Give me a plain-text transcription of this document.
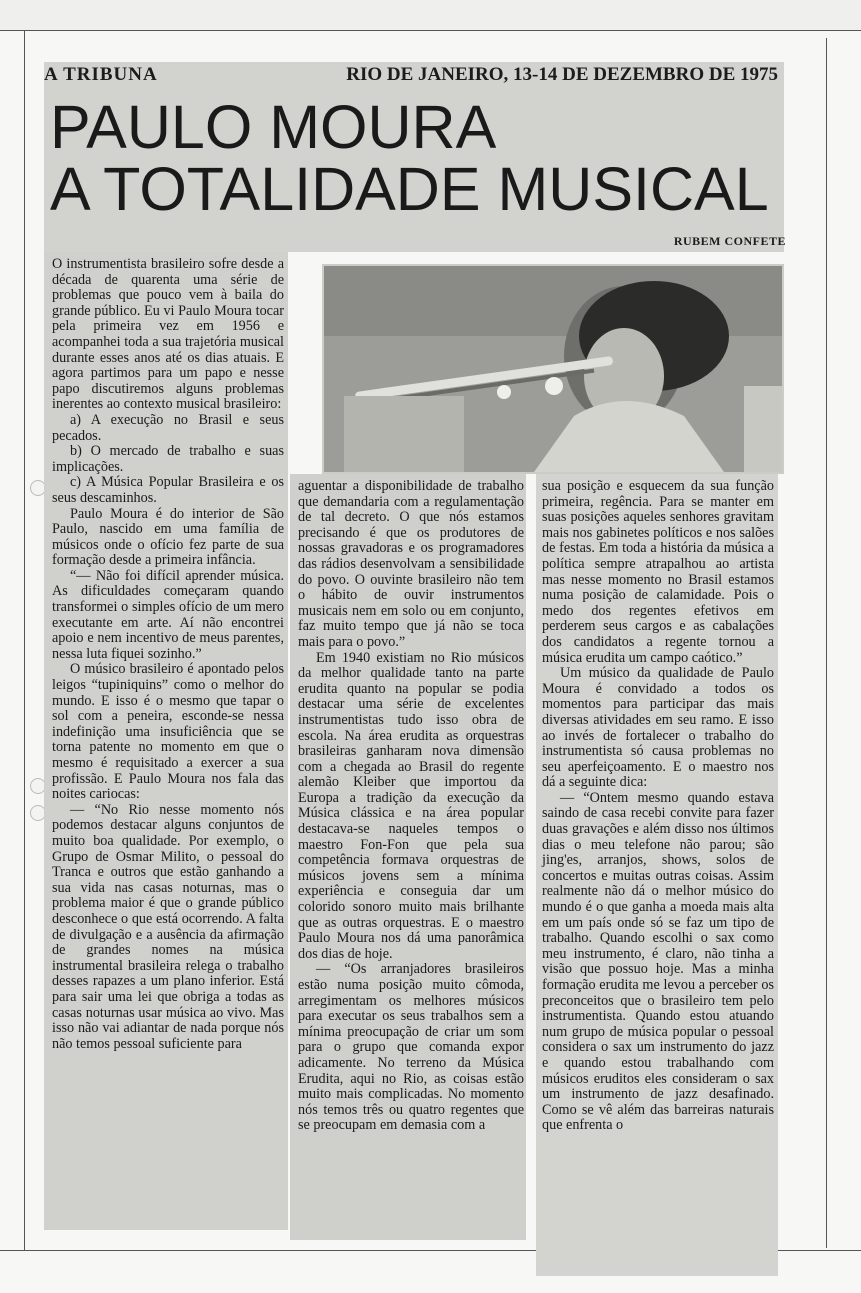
A TRIBUNA	RIO DE JANEIRO, 13-14 DE DEZEMBRO DE 1975
PAULO MOURA
A TOTALIDADE MUSICAL
RUBEM CONFETE

O instrumentista brasileiro sofre desde a década de quarenta uma série de problemas que pouco vem à baila do grande público. Eu vi Paulo Moura tocar pela primeira vez em 1956 e acompanhei toda a sua trajetória musical durante esses anos até os dias atuais. E agora partimos para um papo e nesse papo discutiremos alguns problemas inerentes ao contexto musical brasileiro:

a) A execução no Brasil e seus pecados.

b) O mercado de trabalho e suas implicações.

c) A Música Popular Brasileira e os seus descaminhos.

Paulo Moura é do interior de São Paulo, nascido em uma família de músicos onde o ofício fez parte de sua formação desde a primeira infância.

“— Não foi difícil aprender música. As dificuldades começaram quando transformei o simples ofício de um mero executante em arte. Aí não encontrei apoio e nem incentivo de meus parentes, nessa luta fiquei sozinho.”

O músico brasileiro é apontado pelos leigos “tupiniquins” como o melhor do mundo. E isso é o mesmo que tapar o sol com a peneira, esconde-se nessa indefinição uma insuficiência que se torna patente no momento em que o mesmo é requisitado a exercer a sua profissão. E Paulo Moura nos fala das noites cariocas:

— “No Rio nesse momento nós podemos destacar alguns conjuntos de muito boa qualidade. Por exemplo, o Grupo de Osmar Milito, o pessoal do Tranca e outros que estão ganhando a sua vida nas casas noturnas, mas o problema maior é que o grande público desconhece o que está ocorrendo. A falta de divulgação e a ausência da afirmação de grandes nomes na música instrumental brasileira relega o trabalho desses rapazes a um plano inferior. Está para sair uma lei que obriga a todas as casas noturnas usar música ao vivo. Mas isso não vai adiantar de nada porque nós não temos pessoal suficiente para

aguentar a disponibilidade de trabalho que demandaria com a regulamentação de tal decreto. O que nós estamos precisando é que os produtores de nossas gravadoras e os programadores das rádios desenvolvam a sensibilidade do povo. O ouvinte brasileiro não tem o hábito de ouvir instrumentos musicais nem em solo ou em conjunto, faz muito tempo que já não se toca mais para o povo.”

Em 1940 existiam no Rio músicos da melhor qualidade tanto na parte erudita quanto na popular se podia destacar uma série de excelentes instrumentistas tudo isso obra de escola. Na área erudita as orquestras brasileiras ganharam nova dimensão com a chegada ao Brasil do regente alemão Kleiber que importou da Europa a tradição da execução da Música clássica e na área popular destacava-se naqueles tempos o maestro Fon-Fon que pela sua competência formava orquestras de músicos jovens sem a mínima experiência e conseguia dar um colorido sonoro muito mais brilhante que as outras orquestras. E o maestro Paulo Moura nos dá uma panorâmica dos dias de hoje.

— “Os arranjadores brasileiros estão numa posição muito cômoda, arregimentam os melhores músicos para executar os seus trabalhos sem a mínima preocupação de criar um som para o grupo que comanda expor adicamente. No terreno da Música Erudita, aqui no Rio, as coisas estão muito mais complicadas. No momento nós temos três ou quatro regentes que se preocupam em demasia com a

sua posição e esquecem da sua função primeira, regência. Para se manter em suas posições aqueles senhores gravitam mais nos gabinetes políticos e nos salões de festas. Em toda a história da música a política sempre atrapalhou ao artista mas nesse momento no Brasil estamos numa posição de calamidade. Pois o medo dos regentes efetivos em perderem seus cargos e as cabalações dos candidatos a regente tornou a música erudita um campo caótico.”

Um músico da qualidade de Paulo Moura é convidado a todos os momentos para participar das mais diversas atividades em seu ramo. E isso ao invés de fortalecer o trabalho do instrumentista só causa problemas no seu aperfeiçoamento. E o maestro nos dá a seguinte dica:

— “Ontem mesmo quando estava saindo de casa recebi convite para fazer duas gravações e além disso nos últimos dias o meu telefone não parou; são jing'es, arranjos, shows, solos de concertos e muitas outras coisas. Assim realmente não dá o melhor músico do mundo é o que ganha a moeda mais alta em um país onde só se faz um tipo de trabalho. Quando escolhi o sax como meu instrumento, é claro, não tinha a visão que possuo hoje. Mas a minha formação erudita me levou a perceber os preconceitos que o brasileiro tem pelo instrumentista. Quando estou atuando num grupo de música popular o pessoal considera o sax um instrumento do jazz e quando estou trabalhando com músicos eruditos eles consideram o sax um instrumento de jazz desafinado. Como se vê além das barreiras naturais que enfrenta o
